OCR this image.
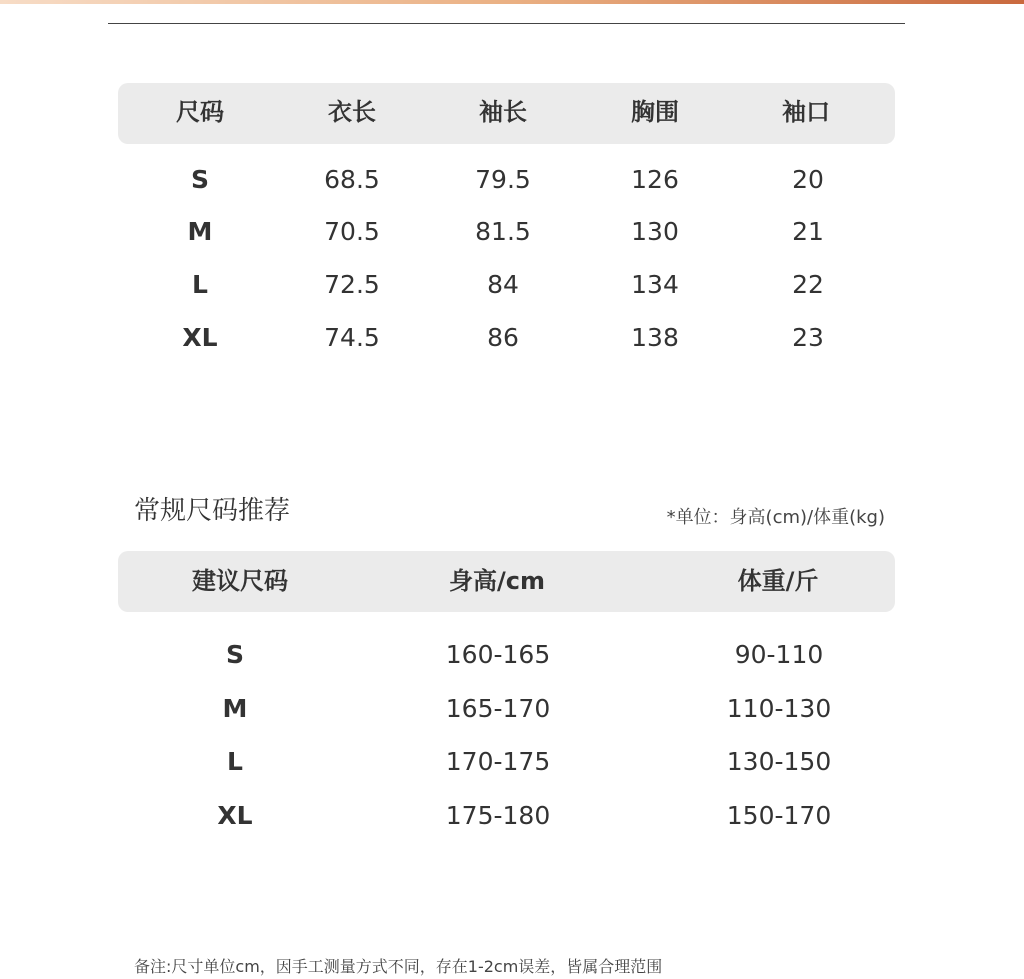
尺码	衣长	袖长	胸围	袖口
S	68.5	79.5	126	20
M	70.5	81.5	130	21
L	72.5	84	134	22
XL	74.5	86	138	23
常规尺码推荐	*单位：身高(cm)/体重(kg)
建议尺码	身高/cm	体重/斤
S	160-165	90-110
M	165-170	110-130
L	170-175	130-150
XL	175-180	150-170
备注:尺寸单位cm，因手工测量方式不同，存在1-2cm误差，皆属合理范围
